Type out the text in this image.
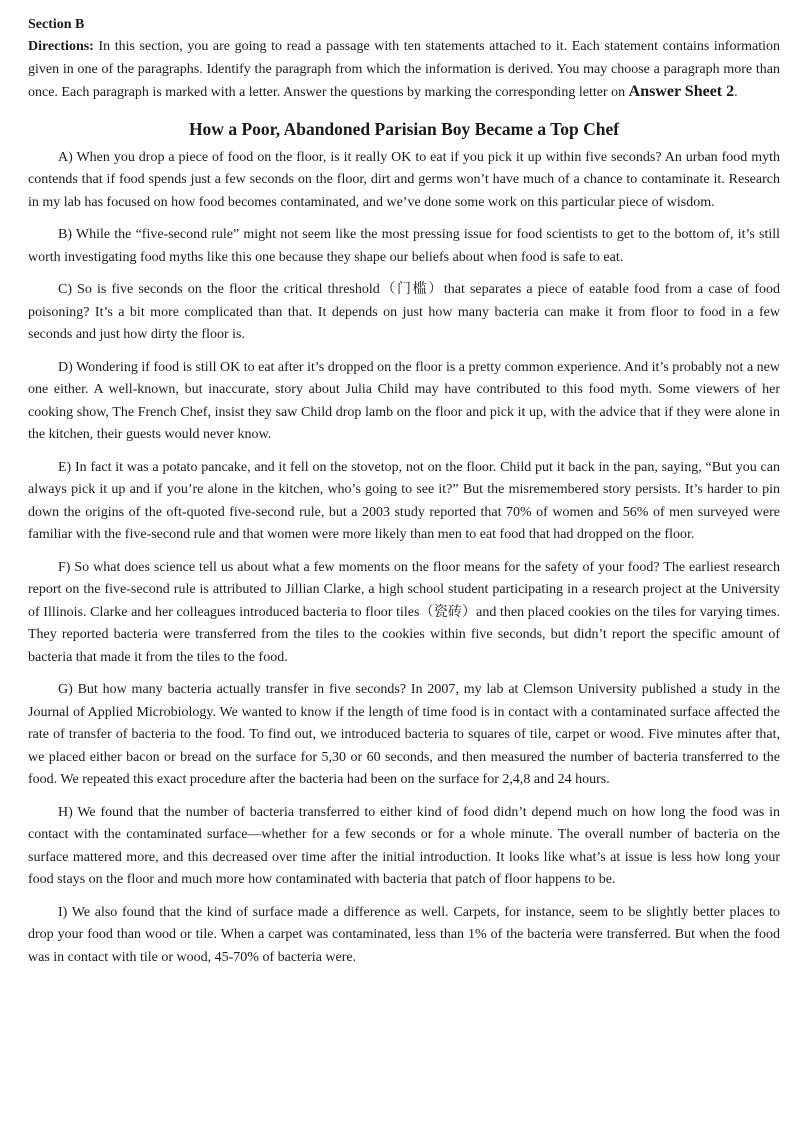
Section B

Directions: In this section, you are going to read a passage with ten statements attached to it. Each statement contains information given in one of the paragraphs. Identify the paragraph from which the information is derived. You may choose a paragraph more than once. Each paragraph is marked with a letter. Answer the questions by marking the corresponding letter on Answer Sheet 2.

How a Poor, Abandoned Parisian Boy Became a Top Chef

A) When you drop a piece of food on the floor, is it really OK to eat if you pick it up within five seconds? An urban food myth contends that if food spends just a few seconds on the floor, dirt and germs won’t have much of a chance to contaminate it. Research in my lab has focused on how food becomes contaminated, and we’ve done some work on this particular piece of wisdom.

B) While the “five-second rule” might not seem like the most pressing issue for food scientists to get to the bottom of, it’s still worth investigating food myths like this one because they shape our beliefs about when food is safe to eat.

C) So is five seconds on the floor the critical threshold（门槛）that separates a piece of eatable food from a case of food poisoning? It’s a bit more complicated than that. It depends on just how many bacteria can make it from floor to food in a few seconds and just how dirty the floor is.

D) Wondering if food is still OK to eat after it’s dropped on the floor is a pretty common experience. And it’s probably not a new one either. A well-known, but inaccurate, story about Julia Child may have contributed to this food myth. Some viewers of her cooking show, The French Chef, insist they saw Child drop lamb on the floor and pick it up, with the advice that if they were alone in the kitchen, their guests would never know.

E) In fact it was a potato pancake, and it fell on the stovetop, not on the floor. Child put it back in the pan, saying, “But you can always pick it up and if you’re alone in the kitchen, who’s going to see it?” But the misremembered story persists. It’s harder to pin down the origins of the oft-quoted five-second rule, but a 2003 study reported that 70% of women and 56% of men surveyed were familiar with the five-second rule and that women were more likely than men to eat food that had dropped on the floor.

F) So what does science tell us about what a few moments on the floor means for the safety of your food? The earliest research report on the five-second rule is attributed to Jillian Clarke, a high school student participating in a research project at the University of Illinois. Clarke and her colleagues introduced bacteria to floor tiles（瓷砖）and then placed cookies on the tiles for varying times. They reported bacteria were transferred from the tiles to the cookies within five seconds, but didn’t report the specific amount of bacteria that made it from the tiles to the food.

G) But how many bacteria actually transfer in five seconds? In 2007, my lab at Clemson University published a study in the Journal of Applied Microbiology. We wanted to know if the length of time food is in contact with a contaminated surface affected the rate of transfer of bacteria to the food. To find out, we introduced bacteria to squares of tile, carpet or wood. Five minutes after that, we placed either bacon or bread on the surface for 5,30 or 60 seconds, and then measured the number of bacteria transferred to the food. We repeated this exact procedure after the bacteria had been on the surface for 2,4,8 and 24 hours.

H) We found that the number of bacteria transferred to either kind of food didn’t depend much on how long the food was in contact with the contaminated surface—whether for a few seconds or for a whole minute. The overall number of bacteria on the surface mattered more, and this decreased over time after the initial introduction. It looks like what’s at issue is less how long your food stays on the floor and much more how contaminated with bacteria that patch of floor happens to be.

I) We also found that the kind of surface made a difference as well. Carpets, for instance, seem to be slightly better places to drop your food than wood or tile. When a carpet was contaminated, less than 1% of the bacteria were transferred. But when the food was in contact with tile or wood, 45-70% of bacteria were.
